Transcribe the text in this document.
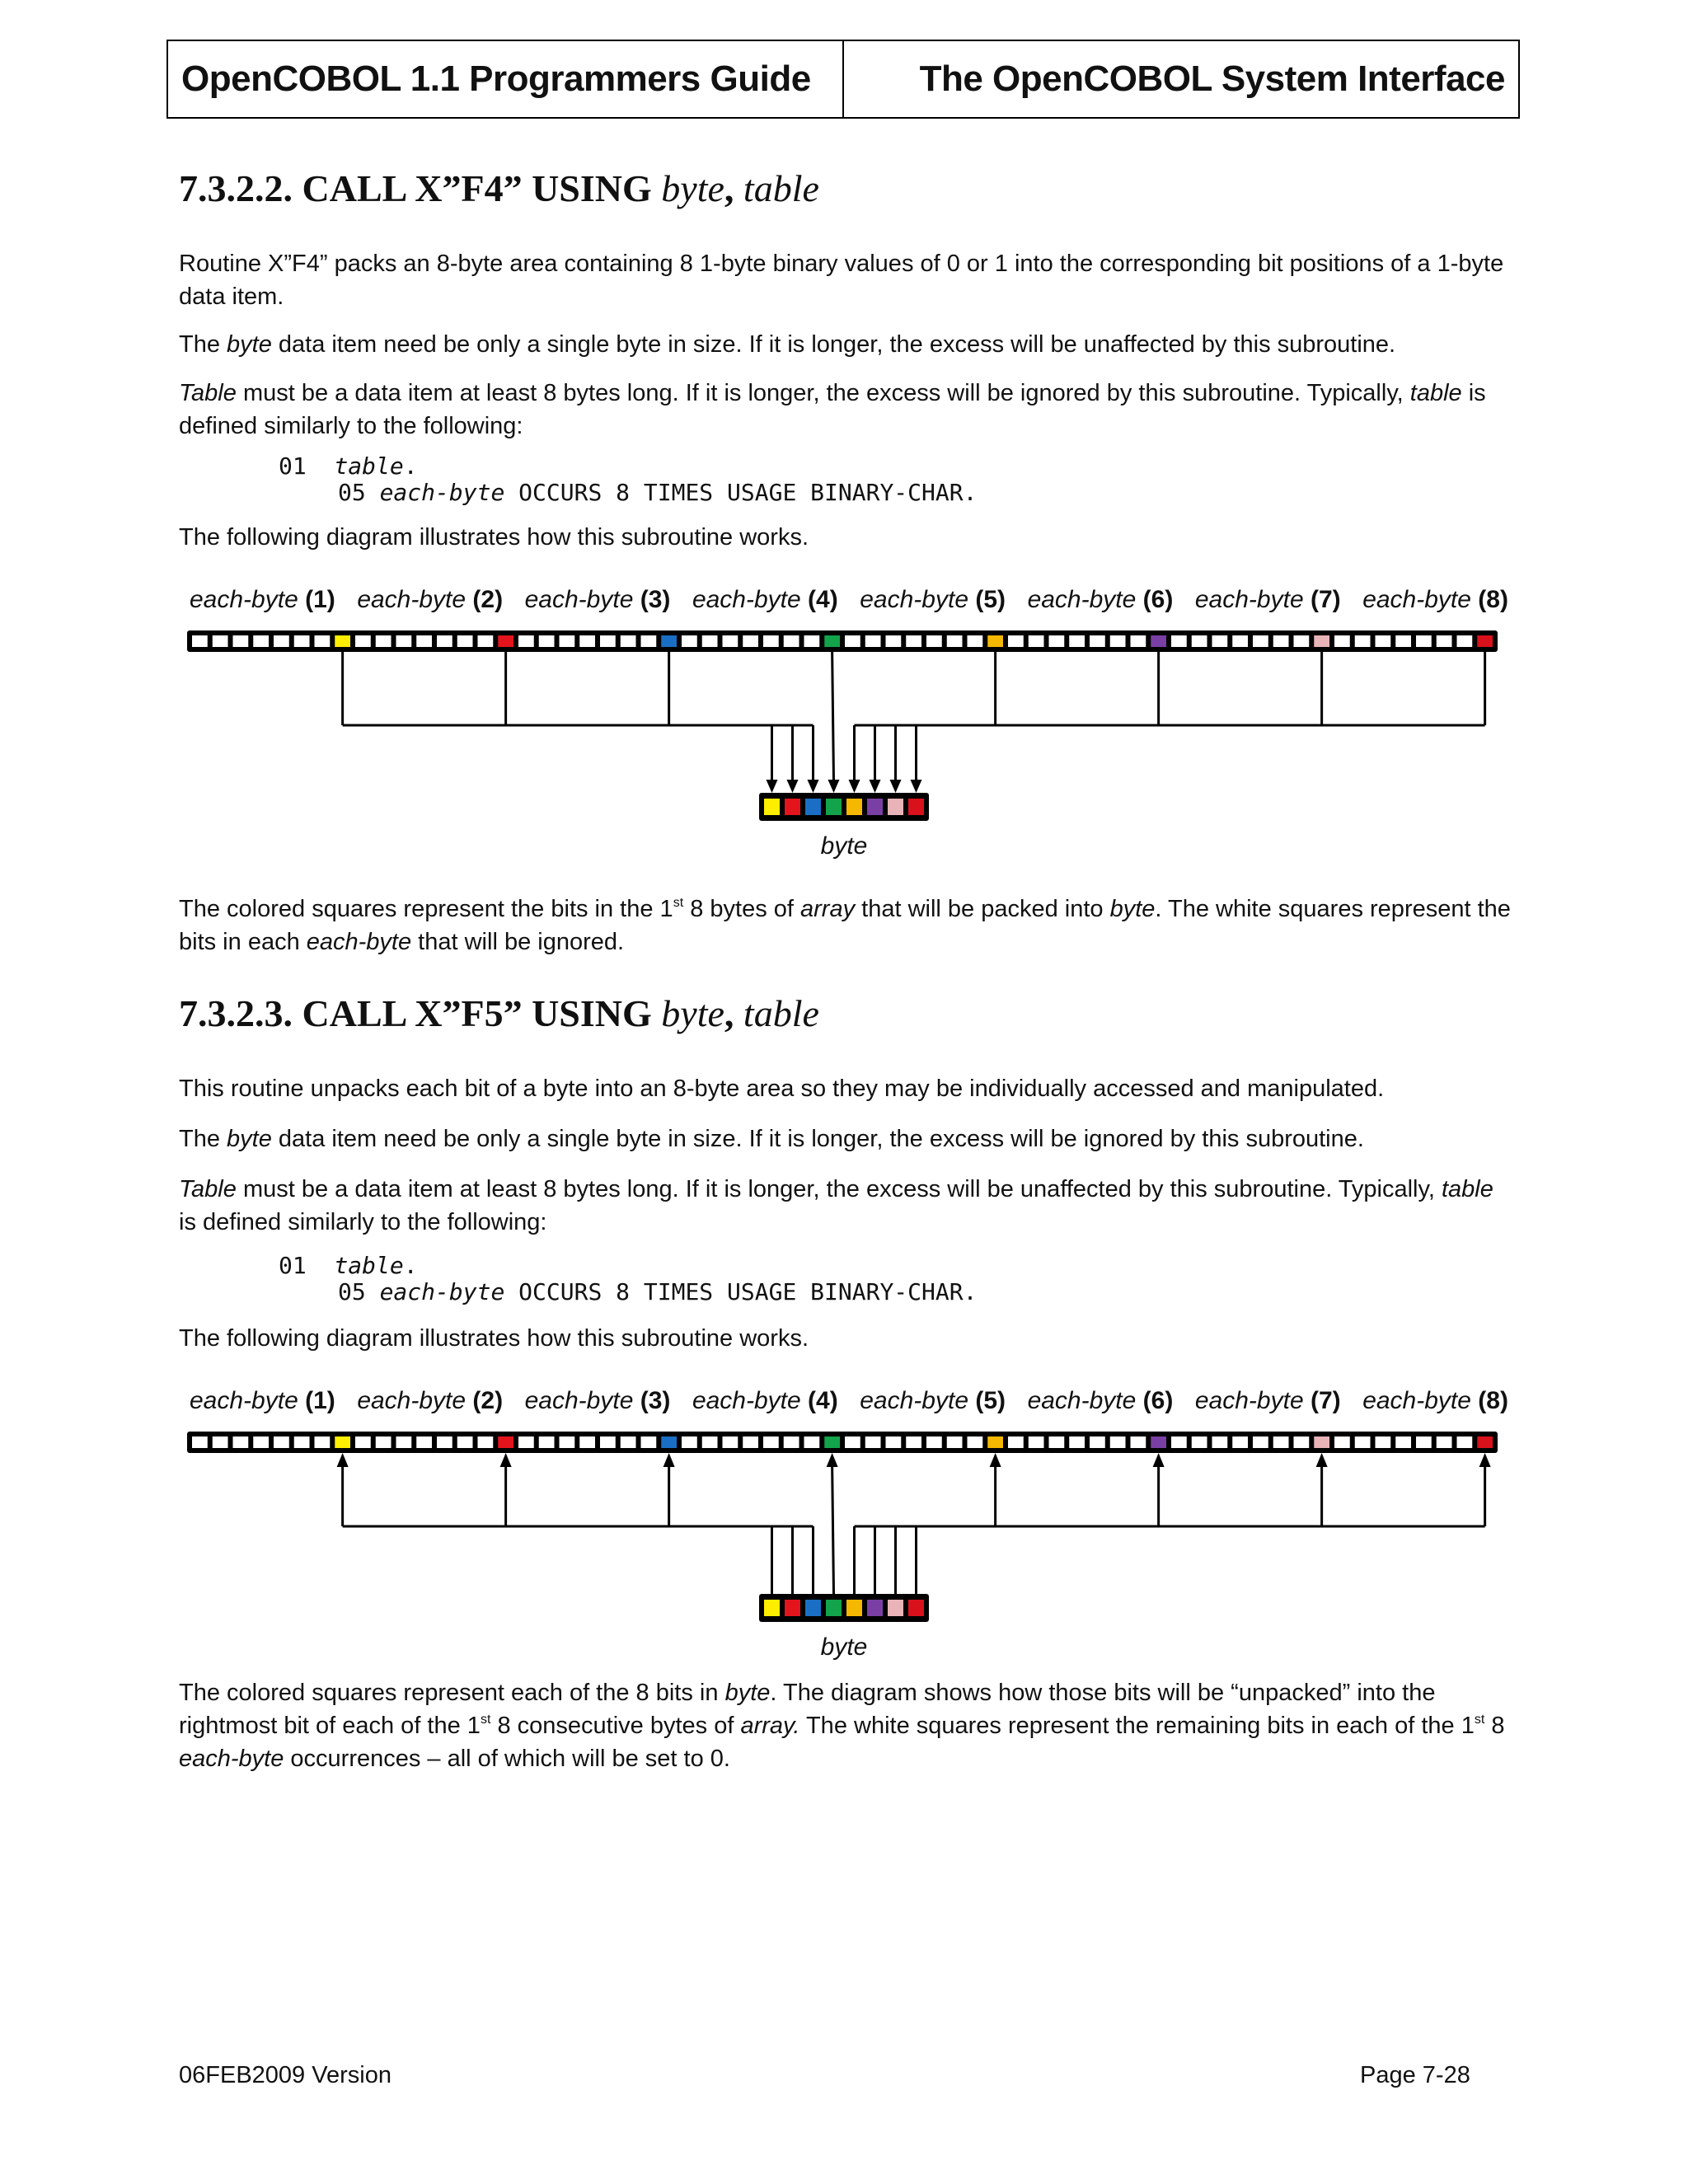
OpenCOBOL 1.1 Programmers Guide	The OpenCOBOL System Interface
7.3.2.2. CALL X”F4” USING byte, table
Routine X”F4” packs an 8-byte area containing 8 1-byte binary values of 0 or 1 into the corresponding bit positions of a 1-byte data item.
The byte data item need be only a single byte in size. If it is longer, the excess will be unaffected by this subroutine.
Table must be a data item at least 8 bytes long. If it is longer, the excess will be ignored by this subroutine. Typically, table is defined similarly to the following:
01  table.
05 each-byte OCCURS 8 TIMES USAGE BINARY-CHAR.
The following diagram illustrates how this subroutine works.
each-byte (1) each-byte (2) each-byte (3) each-byte (4) each-byte (5) each-byte (6) each-byte (7) each-byte (8)
byte
The colored squares represent the bits in the 1st 8 bytes of array that will be packed into byte. The white squares represent the bits in each each-byte that will be ignored.
7.3.2.3. CALL X”F5” USING byte, table
This routine unpacks each bit of a byte into an 8-byte area so they may be individually accessed and manipulated.
The byte data item need be only a single byte in size. If it is longer, the excess will be ignored by this subroutine.
Table must be a data item at least 8 bytes long. If it is longer, the excess will be unaffected by this subroutine. Typically, table is defined similarly to the following:
01  table.
05 each-byte OCCURS 8 TIMES USAGE BINARY-CHAR.
The following diagram illustrates how this subroutine works.
each-byte (1) each-byte (2) each-byte (3) each-byte (4) each-byte (5) each-byte (6) each-byte (7) each-byte (8)
byte
The colored squares represent each of the 8 bits in byte. The diagram shows how those bits will be “unpacked” into the rightmost bit of each of the 1st 8 consecutive bytes of array. The white squares represent the remaining bits in each of the 1st 8 each-byte occurrences – all of which will be set to 0.
06FEB2009 Version	Page 7-28
